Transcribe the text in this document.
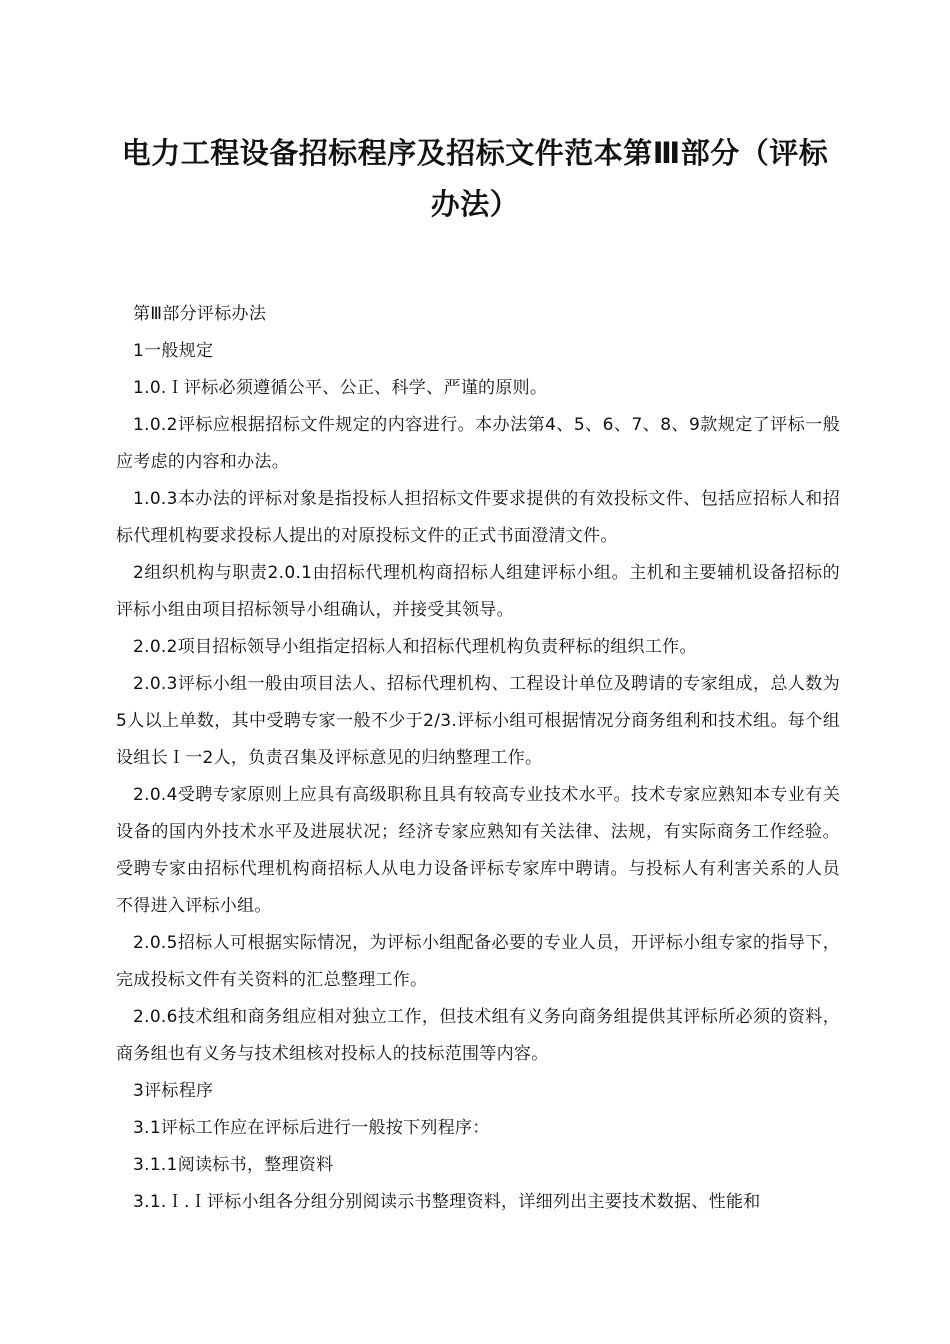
电力工程设备招标程序及招标文件范本第Ⅲ部分（评标办法）

第Ⅲ部分评标办法

1一般规定

1.0.Ｉ评标必须遵循公平、公正、科学、严谨的原则。

1.0.2评标应根据招标文件规定的内容进行。本办法第4、5、6、7、8、9款规定了评标一般应考虑的内容和办法。

1.0.3本办法的评标对象是指投标人担招标文件要求提供的有效投标文件、包括应招标人和招标代理机构要求投标人提出的对原投标文件的正式书面澄清文件。

2组织机构与职责2.0.1由招标代理机构商招标人组建评标小组。主机和主要辅机设备招标的评标小组由项目招标领导小组确认，并接受其领导。

2.0.2项目招标领导小组指定招标人和招标代理机构负责秤标的组织工作。

2.0.3评标小组一般由项目法人、招标代理机构、工程设计单位及聘请的专家组成，总人数为5人以上单数，其中受聘专家一般不少于2/3.评标小组可根据情况分商务组利和技术组。每个组设组长Ｉ一2人，负责召集及评标意见的归纳整理工作。

2.0.4受聘专家原则上应具有高级职称且具有较高专业技术水平。技术专家应熟知本专业有关设备的国内外技术水平及进展状况；经济专家应熟知有关法律、法规，有实际商务工作经验。受聘专家由招标代理机构商招标人从电力设备评标专家库中聘请。与投标人有利害关系的人员不得进入评标小组。

2.0.5招标人可根据实际情况，为评标小组配备必要的专业人员，开评标小组专家的指导下，完成投标文件有关资料的汇总整理工作。

2.0.6技术组和商务组应相对独立工作，但技术组有义务向商务组提供其评标所必须的资料，商务组也有义务与技术组核对投标人的技标范围等内容。

3评标程序

3.1评标工作应在评标后进行一般按下列程序：

3.1.1阅读标书，整理资料

3.1.Ｉ.Ｉ评标小组各分组分别阅读示书整理资料，详细列出主要技术数据、性能和
